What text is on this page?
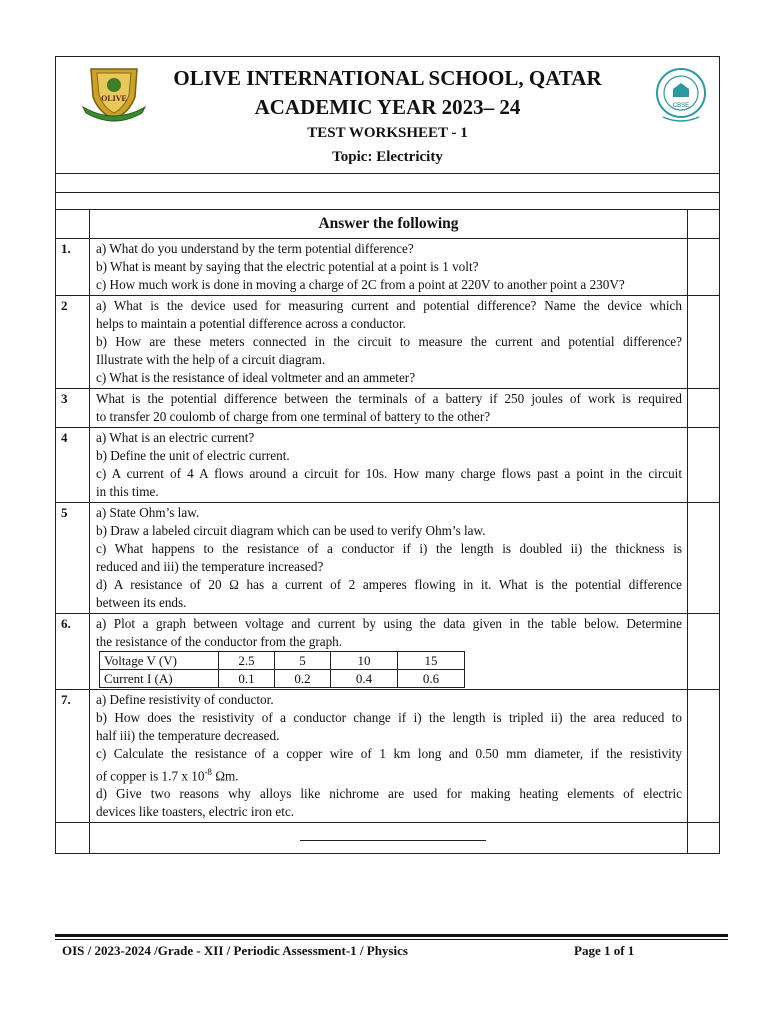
OLIVE
OLIVE INTERNATIONAL SCHOOL, QATAR
ACADEMIC YEAR 2023– 24
TEST WORKSHEET - 1
Topic: Electricity
CBSE
Answer the following
1.	a) What do you understand by the term potential difference?
b) What is meant by saying that the electric potential at a point is 1 volt?
c) How much work is done in moving a charge of 2C from a point at 220V to another point a 230V?
2	a) What is the device used for measuring current and potential difference? Name the device which
helps to maintain a potential difference across a conductor.
b) How are these meters connected in the circuit to measure the current and potential difference?
Illustrate with the help of a circuit diagram.
c) What is the resistance of ideal voltmeter and an ammeter?
3	What is the potential difference between the terminals of a battery if 250 joules of work is required
to transfer 20 coulomb of charge from one terminal of battery to the other?
4	a) What is an electric current?
b) Define the unit of electric current.
c) A current of 4 A flows around a circuit for 10s. How many charge flows past a point in the circuit
in this time.
5	a) State Ohm’s law.
b) Draw a labeled circuit diagram which can be used to verify Ohm’s law.
c) What happens to the resistance of a conductor if i) the length is doubled ii) the thickness is
reduced and iii) the temperature increased?
d) A resistance of 20 Ω has a current of 2 amperes flowing in it. What is the potential difference
between its ends.
6.	a) Plot a graph between voltage and current by using the data given in the table below. Determine
the resistance of the conductor from the graph.
Voltage V (V)	2.5	5	10	15
Current I (A)	0.1	0.2	0.4	0.6
7.	a) Define resistivity of conductor.
b) How does the resistivity of a conductor change if i) the length is tripled ii) the area reduced to
half iii) the temperature decreased.
c) Calculate the resistance of a copper wire of 1 km long and 0.50 mm diameter, if the resistivity
of copper is 1.7 x $10^{-8}$ Ωm.
d) Give two reasons why alloys like nichrome are used for making heating elements of electric
devices like toasters, electric iron etc.
OIS / 2023-2024 /Grade - XII / Periodic Assessment-1 / Physics	Page 1 of 1
